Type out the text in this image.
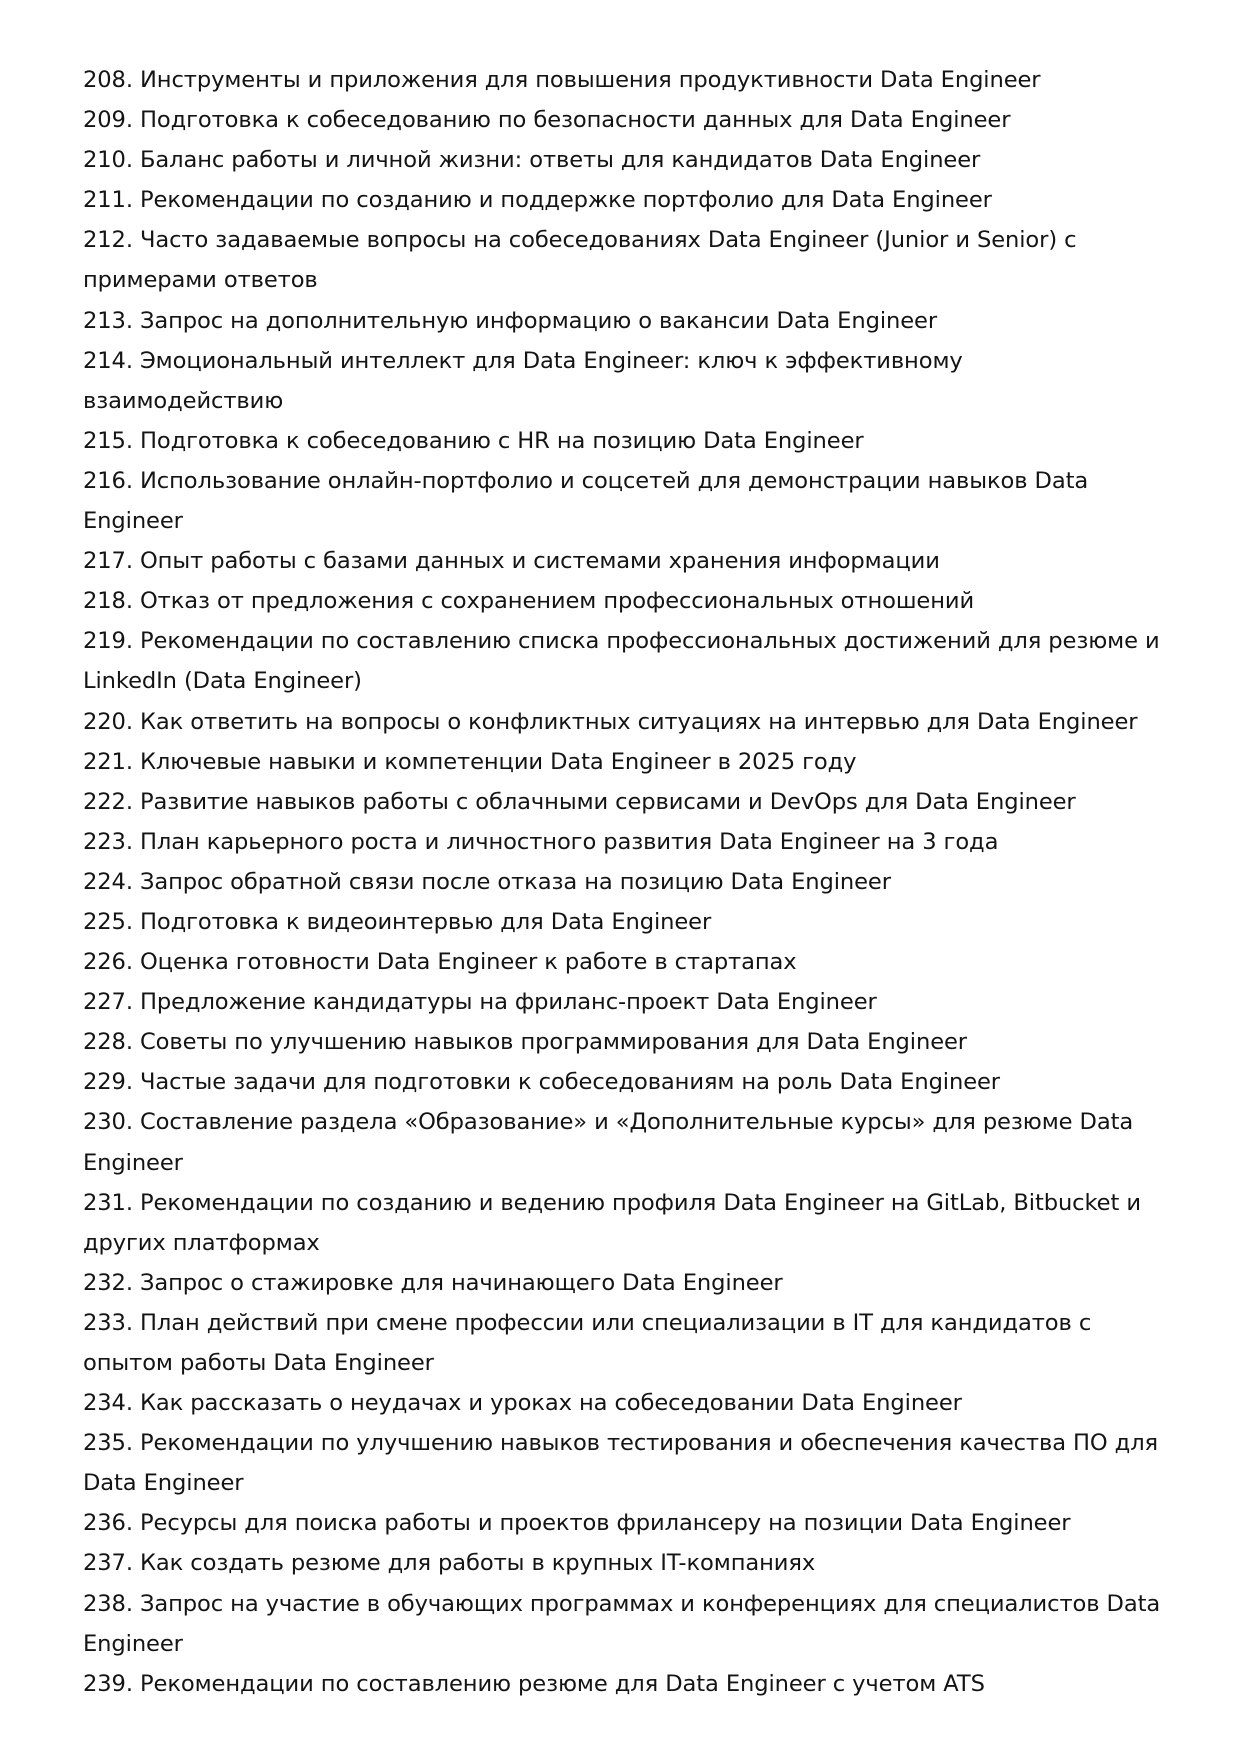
208. Инструменты и приложения для повышения продуктивности Data Engineer
209. Подготовка к собеседованию по безопасности данных для Data Engineer
210. Баланс работы и личной жизни: ответы для кандидатов Data Engineer
211. Рекомендации по созданию и поддержке портфолио для Data Engineer
212. Часто задаваемые вопросы на собеседованиях Data Engineer (Junior и Senior) с примерами ответов
213. Запрос на дополнительную информацию о вакансии Data Engineer
214. Эмоциональный интеллект для Data Engineer: ключ к эффективному взаимодействию
215. Подготовка к собеседованию с HR на позицию Data Engineer
216. Использование онлайн-портфолио и соцсетей для демонстрации навыков Data Engineer
217. Опыт работы с базами данных и системами хранения информации
218. Отказ от предложения с сохранением профессиональных отношений
219. Рекомендации по составлению списка профессиональных достижений для резюме и LinkedIn (Data Engineer)
220. Как ответить на вопросы о конфликтных ситуациях на интервью для Data Engineer
221. Ключевые навыки и компетенции Data Engineer в 2025 году
222. Развитие навыков работы с облачными сервисами и DevOps для Data Engineer
223. План карьерного роста и личностного развития Data Engineer на 3 года
224. Запрос обратной связи после отказа на позицию Data Engineer
225. Подготовка к видеоинтервью для Data Engineer
226. Оценка готовности Data Engineer к работе в стартапах
227. Предложение кандидатуры на фриланс-проект Data Engineer
228. Советы по улучшению навыков программирования для Data Engineer
229. Частые задачи для подготовки к собеседованиям на роль Data Engineer
230. Составление раздела «Образование» и «Дополнительные курсы» для резюме Data Engineer
231. Рекомендации по созданию и ведению профиля Data Engineer на GitLab, Bitbucket и других платформах
232. Запрос о стажировке для начинающего Data Engineer
233. План действий при смене профессии или специализации в IT для кандидатов с опытом работы Data Engineer
234. Как рассказать о неудачах и уроках на собеседовании Data Engineer
235. Рекомендации по улучшению навыков тестирования и обеспечения качества ПО для Data Engineer
236. Ресурсы для поиска работы и проектов фрилансеру на позиции Data Engineer
237. Как создать резюме для работы в крупных IT-компаниях
238. Запрос на участие в обучающих программах и конференциях для специалистов Data Engineer
239. Рекомендации по составлению резюме для Data Engineer с учетом ATS
